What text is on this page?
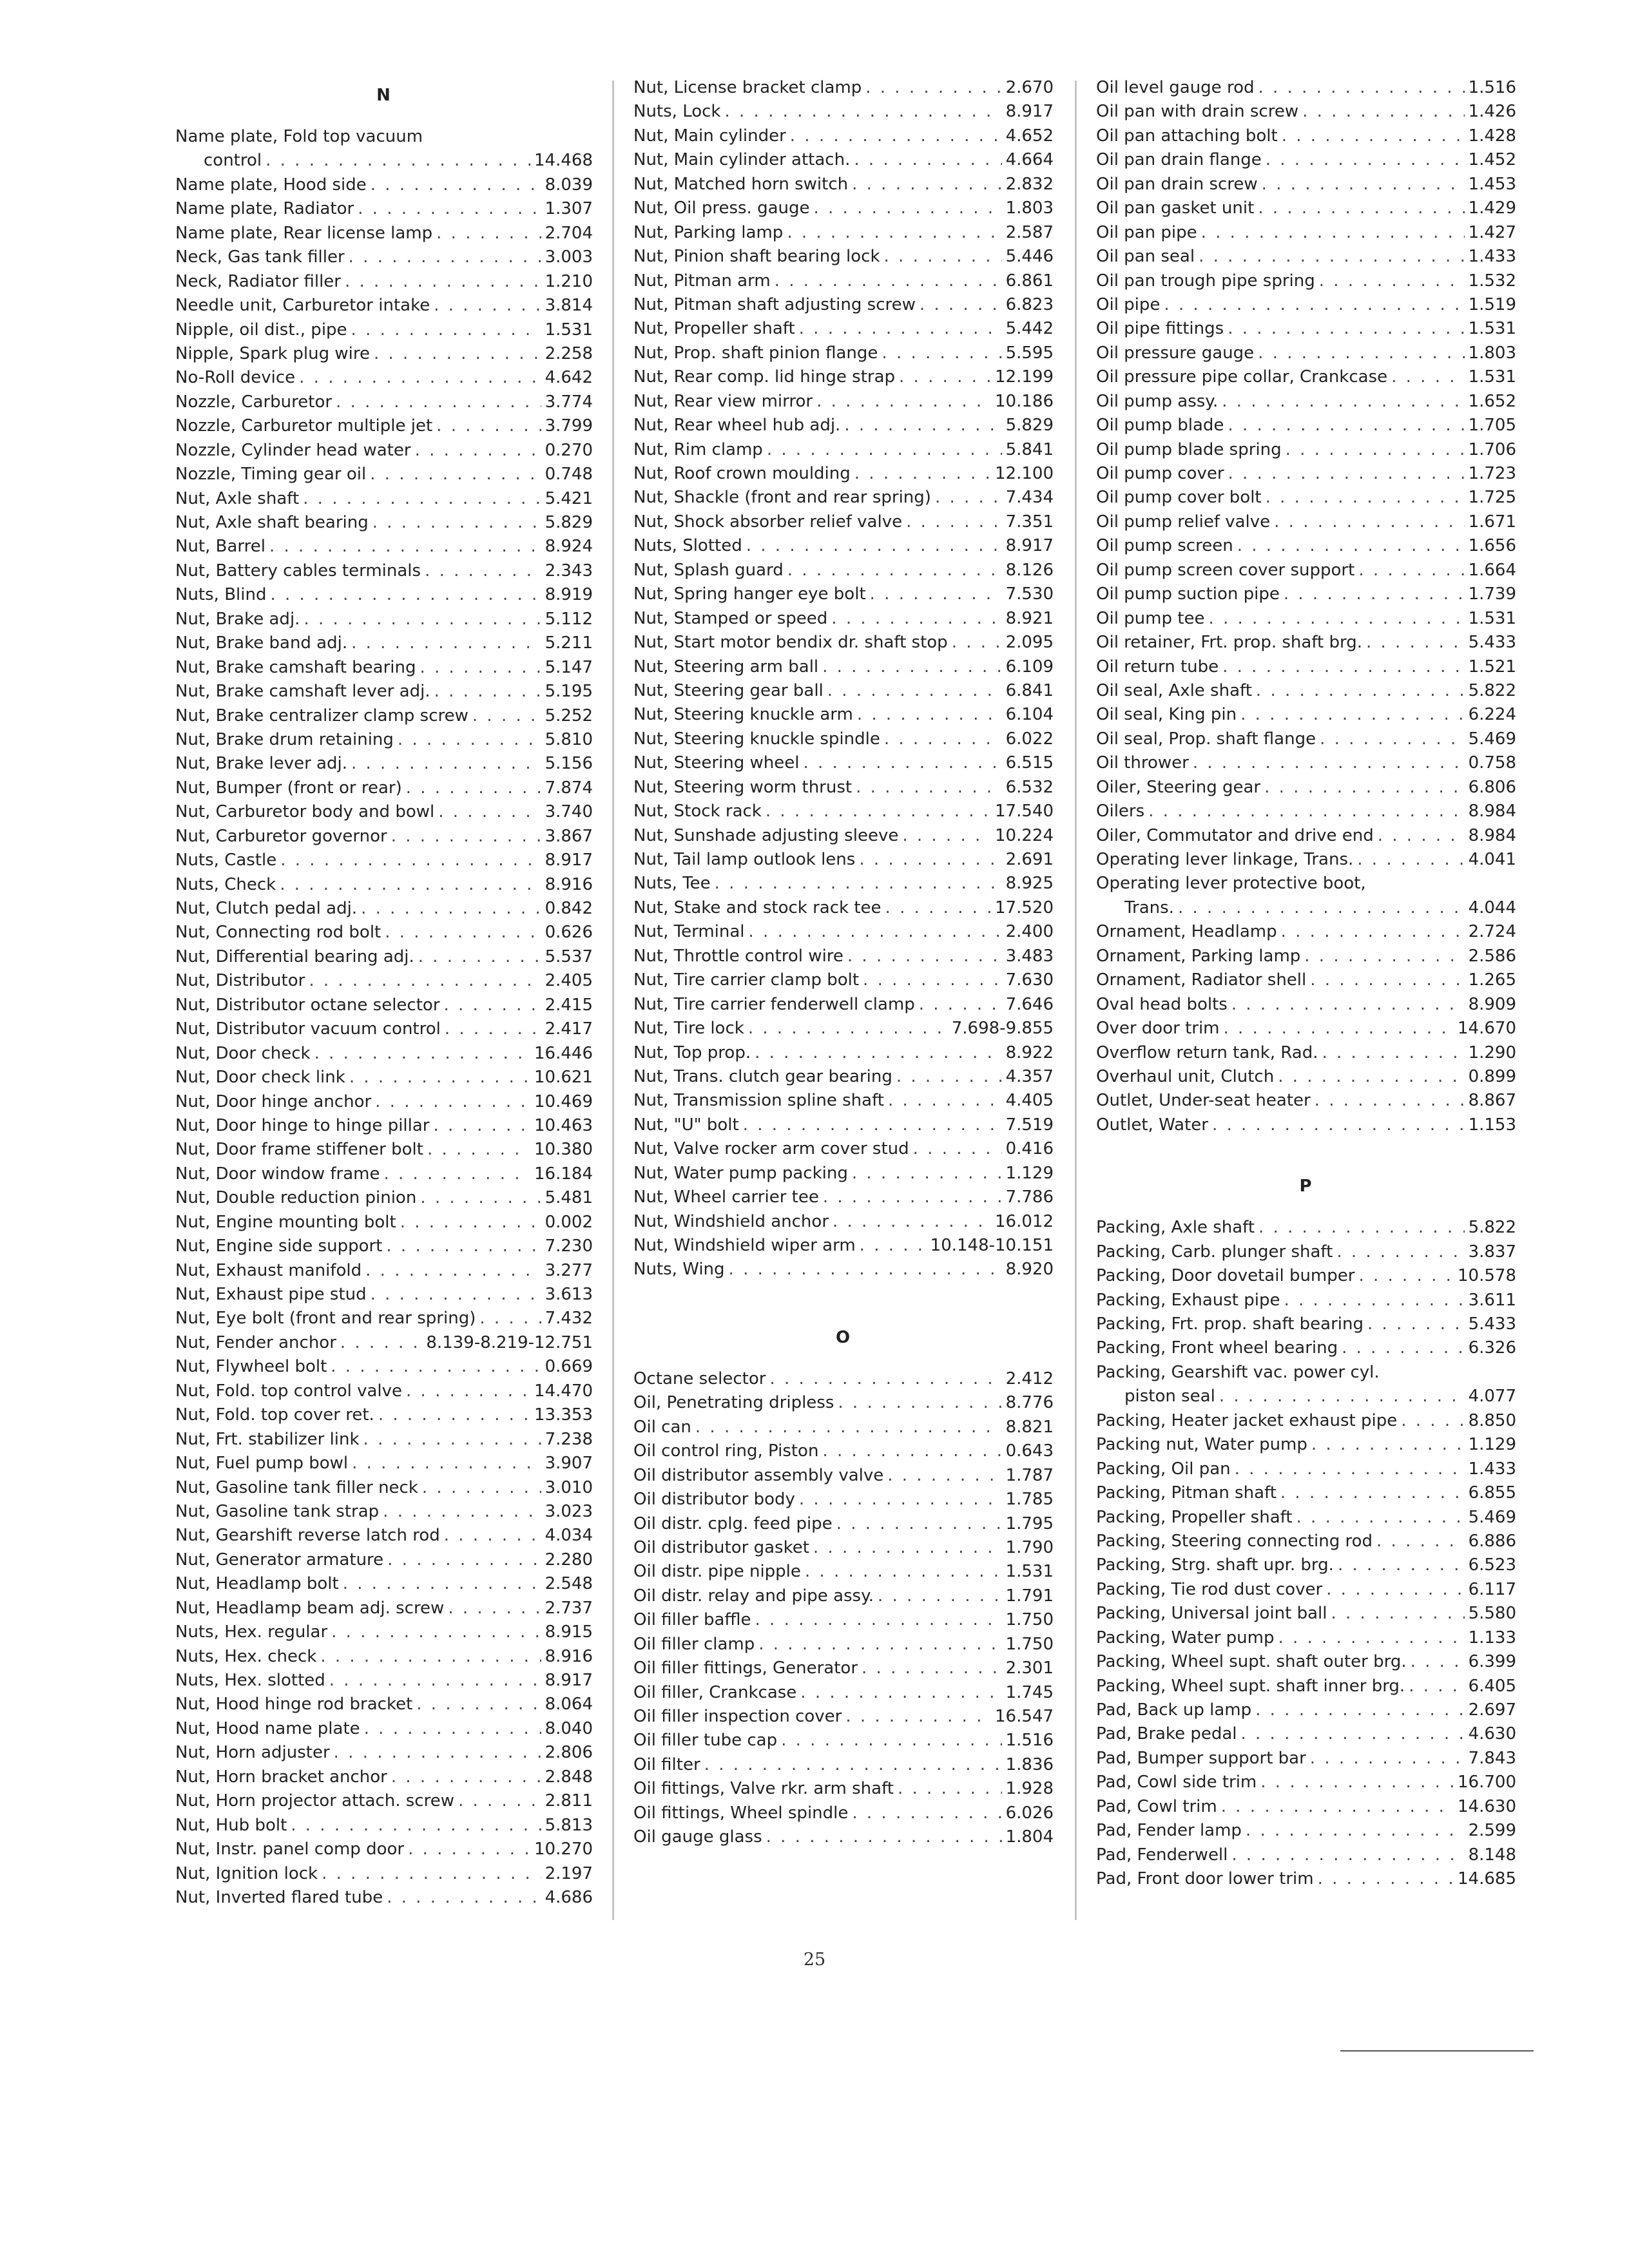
N
Name plate, Fold top vacuum
control . . .	14.468
Name plate, Hood side . . .	8.039
Name plate, Radiator . . .	1.307
Name plate, Rear license lamp . . .	2.704
Neck, Gas tank filler . . .	3.003
Neck, Radiator filler . . .	1.210
Needle unit, Carburetor intake . . .	3.814
Nipple, oil dist., pipe . . .	1.531
Nipple, Spark plug wire . . .	2.258
No-Roll device . . .	4.642
Nozzle, Carburetor . . .	3.774
Nozzle, Carburetor multiple jet . . .	3.799
Nozzle, Cylinder head water . . .	0.270
Nozzle, Timing gear oil . . .	0.748
Nut, Axle shaft . . .	5.421
Nut, Axle shaft bearing . . .	5.829
Nut, Barrel . . .	8.924
Nut, Battery cables terminals . . .	2.343
Nuts, Blind . . .	8.919
Nut, Brake adj. . . .	5.112
Nut, Brake band adj. . . .	5.211
Nut, Brake camshaft bearing . . .	5.147
Nut, Brake camshaft lever adj. . . .	5.195
Nut, Brake centralizer clamp screw . . .	5.252
Nut, Brake drum retaining . . .	5.810
Nut, Brake lever adj. . . .	5.156
Nut, Bumper (front or rear) . . .	7.874
Nut, Carburetor body and bowl . . .	3.740
Nut, Carburetor governor . . .	3.867
Nuts, Castle . . .	8.917
Nuts, Check . . .	8.916
Nut, Clutch pedal adj. . . .	0.842
Nut, Connecting rod bolt . . .	0.626
Nut, Differential bearing adj. . . .	5.537
Nut, Distributor . . .	2.405
Nut, Distributor octane selector . . .	2.415
Nut, Distributor vacuum control . . .	2.417
Nut, Door check . . .	16.446
Nut, Door check link . . .	10.621
Nut, Door hinge anchor . . .	10.469
Nut, Door hinge to hinge pillar . . .	10.463
Nut, Door frame stiffener bolt . . .	10.380
Nut, Door window frame . . .	16.184
Nut, Double reduction pinion . . .	5.481
Nut, Engine mounting bolt . . .	0.002
Nut, Engine side support . . .	7.230
Nut, Exhaust manifold . . .	3.277
Nut, Exhaust pipe stud . . .	3.613
Nut, Eye bolt (front and rear spring) . . .	7.432
Nut, Fender anchor . . .	8.139-8.219-12.751
Nut, Flywheel bolt . . .	0.669
Nut, Fold. top control valve . . .	14.470
Nut, Fold. top cover ret. . . .	13.353
Nut, Frt. stabilizer link . . .	7.238
Nut, Fuel pump bowl . . .	3.907
Nut, Gasoline tank filler neck . . .	3.010
Nut, Gasoline tank strap . . .	3.023
Nut, Gearshift reverse latch rod . . .	4.034
Nut, Generator armature . . .	2.280
Nut, Headlamp bolt . . .	2.548
Nut, Headlamp beam adj. screw . . .	2.737
Nuts, Hex. regular . . .	8.915
Nuts, Hex. check . . .	8.916
Nuts, Hex. slotted . . .	8.917
Nut, Hood hinge rod bracket . . .	8.064
Nut, Hood name plate . . .	8.040
Nut, Horn adjuster . . .	2.806
Nut, Horn bracket anchor . . .	2.848
Nut, Horn projector attach. screw . . .	2.811
Nut, Hub bolt . . .	5.813
Nut, Instr. panel comp door . . .	10.270
Nut, Ignition lock . . .	2.197
Nut, Inverted flared tube . . .	4.686
Nut, License bracket clamp . . .	2.670
Nuts, Lock . . .	8.917
Nut, Main cylinder . . .	4.652
Nut, Main cylinder attach. . . .	4.664
Nut, Matched horn switch . . .	2.832
Nut, Oil press. gauge . . .	1.803
Nut, Parking lamp . . .	2.587
Nut, Pinion shaft bearing lock . . .	5.446
Nut, Pitman arm . . .	6.861
Nut, Pitman shaft adjusting screw . . .	6.823
Nut, Propeller shaft . . .	5.442
Nut, Prop. shaft pinion flange . . .	5.595
Nut, Rear comp. lid hinge strap . . .	12.199
Nut, Rear view mirror . . .	10.186
Nut, Rear wheel hub adj. . . .	5.829
Nut, Rim clamp . . .	5.841
Nut, Roof crown moulding . . .	12.100
Nut, Shackle (front and rear spring) . . .	7.434
Nut, Shock absorber relief valve . . .	7.351
Nuts, Slotted . . .	8.917
Nut, Splash guard . . .	8.126
Nut, Spring hanger eye bolt . . .	7.530
Nut, Stamped or speed . . .	8.921
Nut, Start motor bendix dr. shaft stop . . .	2.095
Nut, Steering arm ball . . .	6.109
Nut, Steering gear ball . . .	6.841
Nut, Steering knuckle arm . . .	6.104
Nut, Steering knuckle spindle . . .	6.022
Nut, Steering wheel . . .	6.515
Nut, Steering worm thrust . . .	6.532
Nut, Stock rack . . .	17.540
Nut, Sunshade adjusting sleeve . . .	10.224
Nut, Tail lamp outlook lens . . .	2.691
Nuts, Tee . . .	8.925
Nut, Stake and stock rack tee . . .	17.520
Nut, Terminal . . .	2.400
Nut, Throttle control wire . . .	3.483
Nut, Tire carrier clamp bolt . . .	7.630
Nut, Tire carrier fenderwell clamp . . .	7.646
Nut, Tire lock . . .	7.698-9.855
Nut, Top prop. . . .	8.922
Nut, Trans. clutch gear bearing . . .	4.357
Nut, Transmission spline shaft . . .	4.405
Nut, "U" bolt . . .	7.519
Nut, Valve rocker arm cover stud . . .	0.416
Nut, Water pump packing . . .	1.129
Nut, Wheel carrier tee . . .	7.786
Nut, Windshield anchor . . .	16.012
Nut, Windshield wiper arm . . .	10.148-10.151
Nuts, Wing . . .	8.920
O
Octane selector . . .	2.412
Oil, Penetrating dripless . . .	8.776
Oil can . . .	8.821
Oil control ring, Piston . . .	0.643
Oil distributor assembly valve . . .	1.787
Oil distributor body . . .	1.785
Oil distr. cplg. feed pipe . . .	1.795
Oil distributor gasket . . .	1.790
Oil distr. pipe nipple . . .	1.531
Oil distr. relay and pipe assy. . . .	1.791
Oil filler baffle . . .	1.750
Oil filler clamp . . .	1.750
Oil filler fittings, Generator . . .	2.301
Oil filler, Crankcase . . .	1.745
Oil filler inspection cover . . .	16.547
Oil filler tube cap . . .	1.516
Oil filter . . .	1.836
Oil fittings, Valve rkr. arm shaft . . .	1.928
Oil fittings, Wheel spindle . . .	6.026
Oil gauge glass . . .	1.804
Oil level gauge rod . . .	1.516
Oil pan with drain screw . . .	1.426
Oil pan attaching bolt . . .	1.428
Oil pan drain flange . . .	1.452
Oil pan drain screw . . .	1.453
Oil pan gasket unit . . .	1.429
Oil pan pipe . . .	1.427
Oil pan seal . . .	1.433
Oil pan trough pipe spring . . .	1.532
Oil pipe . . .	1.519
Oil pipe fittings . . .	1.531
Oil pressure gauge . . .	1.803
Oil pressure pipe collar, Crankcase . . .	1.531
Oil pump assy. . . .	1.652
Oil pump blade . . .	1.705
Oil pump blade spring . . .	1.706
Oil pump cover . . .	1.723
Oil pump cover bolt . . .	1.725
Oil pump relief valve . . .	1.671
Oil pump screen . . .	1.656
Oil pump screen cover support . . .	1.664
Oil pump suction pipe . . .	1.739
Oil pump tee . . .	1.531
Oil retainer, Frt. prop. shaft brg. . . .	5.433
Oil return tube . . .	1.521
Oil seal, Axle shaft . . .	5.822
Oil seal, King pin . . .	6.224
Oil seal, Prop. shaft flange . . .	5.469
Oil thrower . . .	0.758
Oiler, Steering gear . . .	6.806
Oilers . . .	8.984
Oiler, Commutator and drive end . . .	8.984
Operating lever linkage, Trans. . . .	4.041
Operating lever protective boot,
Trans. . . .	4.044
Ornament, Headlamp . . .	2.724
Ornament, Parking lamp . . .	2.586
Ornament, Radiator shell . . .	1.265
Oval head bolts . . .	8.909
Over door trim . . .	14.670
Overflow return tank, Rad. . . .	1.290
Overhaul unit, Clutch . . .	0.899
Outlet, Under-seat heater . . .	8.867
Outlet, Water . . .	1.153
P
Packing, Axle shaft . . .	5.822
Packing, Carb. plunger shaft . . .	3.837
Packing, Door dovetail bumper . . .	10.578
Packing, Exhaust pipe . . .	3.611
Packing, Frt. prop. shaft bearing . . .	5.433
Packing, Front wheel bearing . . .	6.326
Packing, Gearshift vac. power cyl.
piston seal . . .	4.077
Packing, Heater jacket exhaust pipe . . .	8.850
Packing nut, Water pump . . .	1.129
Packing, Oil pan . . .	1.433
Packing, Pitman shaft . . .	6.855
Packing, Propeller shaft . . .	5.469
Packing, Steering connecting rod . . .	6.886
Packing, Strg. shaft upr. brg. . . .	6.523
Packing, Tie rod dust cover . . .	6.117
Packing, Universal joint ball . . .	5.580
Packing, Water pump . . .	1.133
Packing, Wheel supt. shaft outer brg. . . .	6.399
Packing, Wheel supt. shaft inner brg. . . .	6.405
Pad, Back up lamp . . .	2.697
Pad, Brake pedal . . .	4.630
Pad, Bumper support bar . . .	7.843
Pad, Cowl side trim . . .	16.700
Pad, Cowl trim . . .	14.630
Pad, Fender lamp . . .	2.599
Pad, Fenderwell . . .	8.148
Pad, Front door lower trim . . .	14.685
25
